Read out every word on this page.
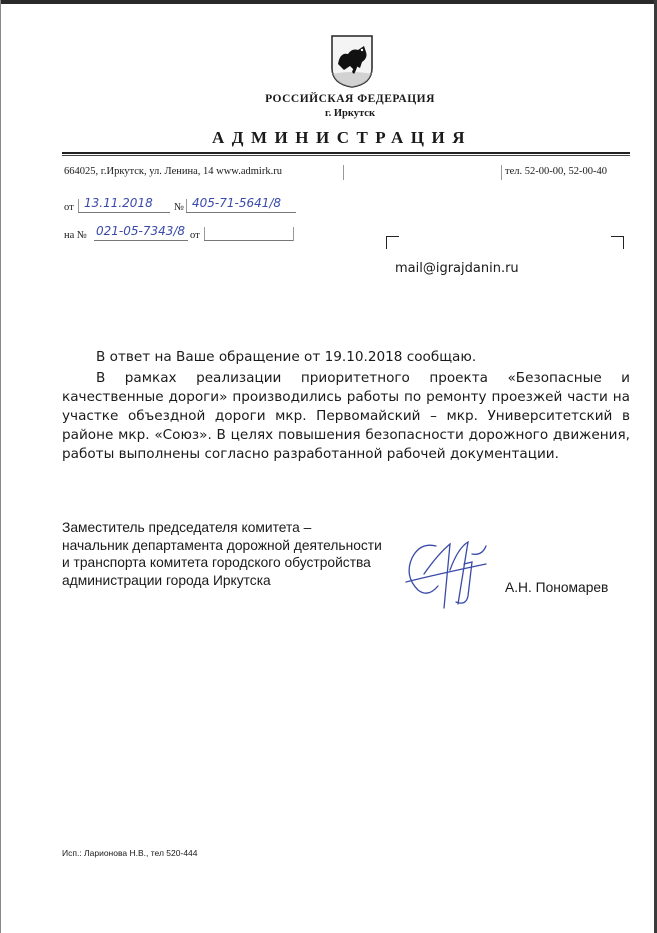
РОССИЙСКАЯ ФЕДЕРАЦИЯ
г. Иркутск
АДМИНИСТРАЦИЯ
664025, г.Иркутск, ул. Ленина, 14 www.admirk.ru	тел. 52-00-00, 52-00-40
от 13.11.2018 № 405-71-5641/8
на № 021-05-7343/8 от
mail@igrajdanin.ru
В ответ на Ваше обращение от 19.10.2018 сообщаю.
В рамках реализации приоритетного проекта «Безопасные и качественные дороги» производились работы по ремонту проезжей части на участке объездной дороги мкр. Первомайский – мкр. Университетский в районе мкр. «Союз». В целях повышения безопасности дорожного движения, работы выполнены согласно разработанной рабочей документации.
Заместитель председателя комитета –
начальник департамента дорожной деятельности
и транспорта комитета городского обустройства
администрации города Иркутска	А.Н. Пономарев
Исп.: Ларионова Н.В., тел 520-444
